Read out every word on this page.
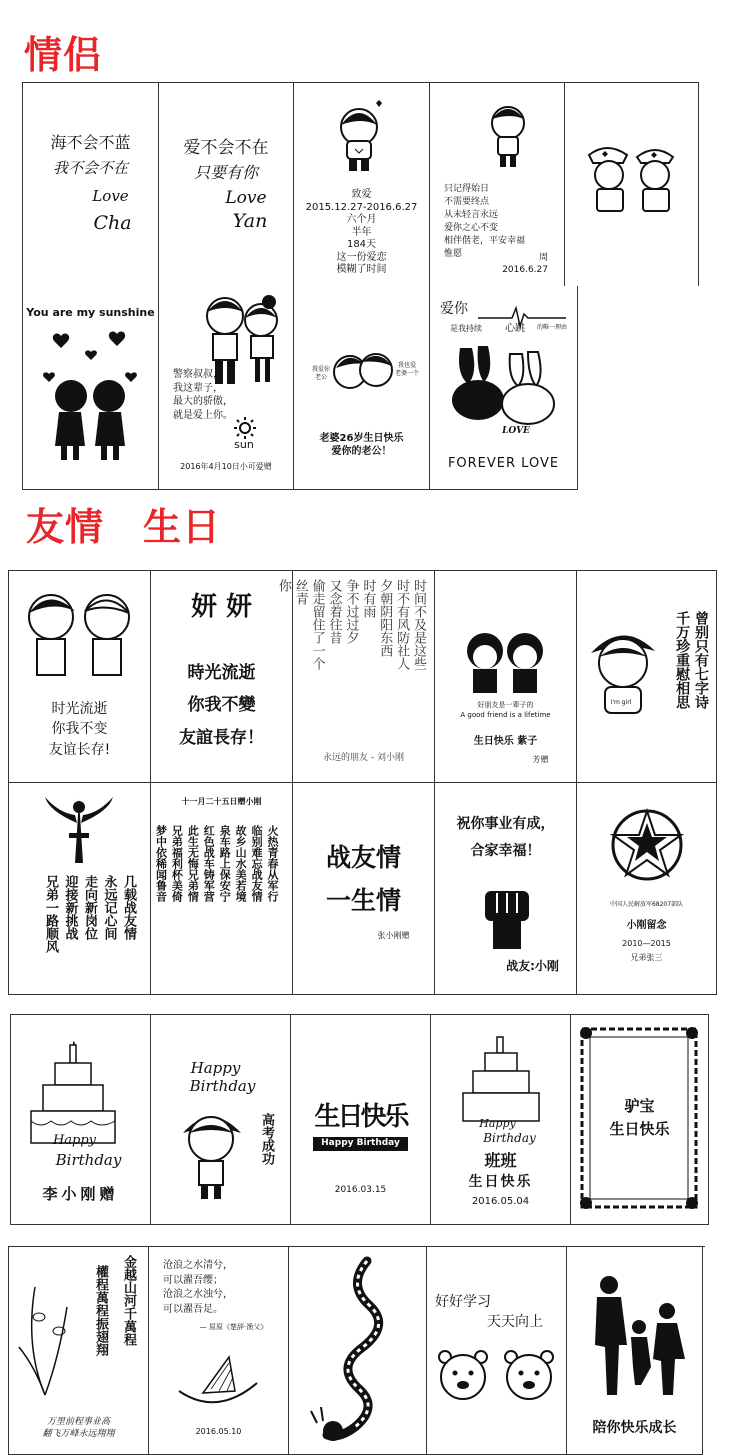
情侣
海不会不蓝
我不会不在
Love
Cha
爱不会不在
只要有你
Love
Yan
致爱
2015.12.27-2016.6.27
六个月
半年
184天
这一份爱恋
模糊了时间
只记得始日
不需要终点
从未轻言永远
爱你之心不变
相伴偕老，平安幸福
惟愿	周
2016.6.27
You are my sunshine
警察叔叔，
我这辈子，
最大的骄傲，
就是爱上你。
sun
2016年4月10日小可爱赠
我爱你
老公
我也爱
老婆一个
老婆26岁生日快乐
爱你的老公！
爱你
是我持续	心跳	的唯一理由
LOVE
FOREVER LOVE
友情　生日
时光流逝
你我不变
友谊长存!
妍 妍
時光流逝
你我不變
友誼長存！
时间不及是这些
时不有风防社人
夕朝阴阳东西
时有雨
争不过过夕
又念着往昔
偷走留住了一个
丝青
你
永远的朋友 - 刘小刚
好朋友是一辈子的
A good friend is a lifetime
生日快乐 紫子
芳赠
I'm girl	曾别只有七字诗
千万珍重慰相思
几载战友情
永远记心间
走向新岗位
迎接新挑战
兄弟一路顺风
十一月二十五日赠小刚
火热青春从军行
临别难忘战友情
故乡山水美若境
泉车路上保安宁
红色战车铸军营
此生无悔兄弟情
兄弟福利杯美倚
梦中依稀闻鲁音	战友情
一生情
张小刚赠
祝你事业有成，
合家幸福！
战友:小刚
中国人民解放军68207部队
小刚留念
2010—2015
兄弟张三
Happy
Birthday
李小刚赠
Happy
Birthday
高考成功	生日快乐
Happy Birthday
2016.03.15
Happy
Birthday
班班
生日快乐
2016.05.04
驴宝
生日快乐
金越山河千萬程
權程萬程振翅翔
万里前程事业高
翻飞万峰永远翔翔
沧浪之水清兮，
可以濯吾缨；
沧浪之水浊兮，
可以濯吾足。
— 屈原《楚辞·渔父》
2016.05.10
好好学习
天天向上
陪你快乐成长
